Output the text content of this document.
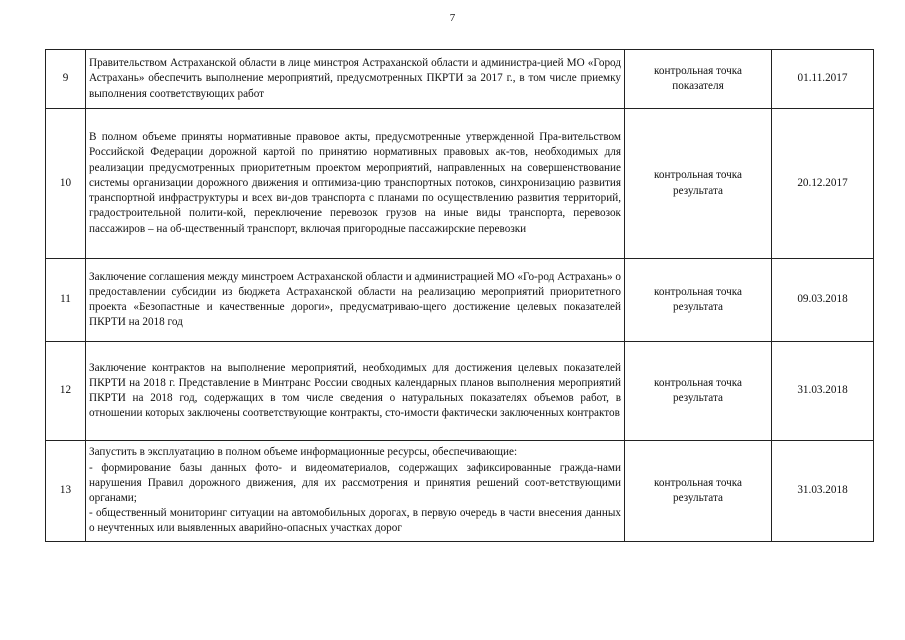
7
9	Правительством Астраханской области в лице минстроя Астраханской области и администра-цией МО «Город Астрахань» обеспечить выполнение мероприятий, предусмотренных ПКРТИ за 2017 г., в том числе приемку выполнения соответствующих работ	контрольная точка показателя	01.11.2017
10	В полном объеме приняты нормативные правовое акты, предусмотренные утвержденной Пра-вительством Российской Федерации дорожной картой по принятию нормативных правовых ак-тов, необходимых для реализации предусмотренных приоритетным проектом мероприятий, направленных на совершенствование системы организации дорожного движения и оптимиза-цию транспортных потоков, синхронизацию развития транспортной инфраструктуры и всех ви-дов транспорта с планами по осуществлению развития территорий, градостроительной полити-кой, переключение перевозок грузов на иные виды транспорта, перевозок пассажиров – на об-щественный транспорт, включая пригородные пассажирские перевозки	контрольная точка результата	20.12.2017
11	Заключение соглашения между минстроем Астраханской области и администрацией МО «Го-род Астрахань» о предоставлении субсидии из бюджета Астраханской области на реализацию мероприятий приоритетного проекта «Безопастные и качественные дороги», предусматриваю-щего достижение целевых показателей ПКРТИ на 2018 год	контрольная точка результата	09.03.2018
12	Заключение контрактов на выполнение мероприятий, необходимых для достижения целевых показателей ПКРТИ на 2018 г. Представление в Минтранс России сводных календарных планов выполнения мероприятий ПКРТИ на 2018 год, содержащих в том числе сведения о натуральных показателях объемов работ, в отношении которых заключены соответствующие контракты, сто-имости фактически заключенных контрактов	контрольная точка результата	31.03.2018
13	Запустить в эксплуатацию в полном объеме информационные ресурсы, обеспечивающие:
- формирование базы данных фото- и видеоматериалов, содержащих зафиксированные гражда-нами нарушения Правил дорожного движения, для их рассмотрения и принятия решений соот-ветствующими органами;
- общественный мониторинг ситуации на автомобильных дорогах, в первую очередь в части внесения данных о неучтенных или выявленных аварийно-опасных участках дорог	контрольная точка результата	31.03.2018
